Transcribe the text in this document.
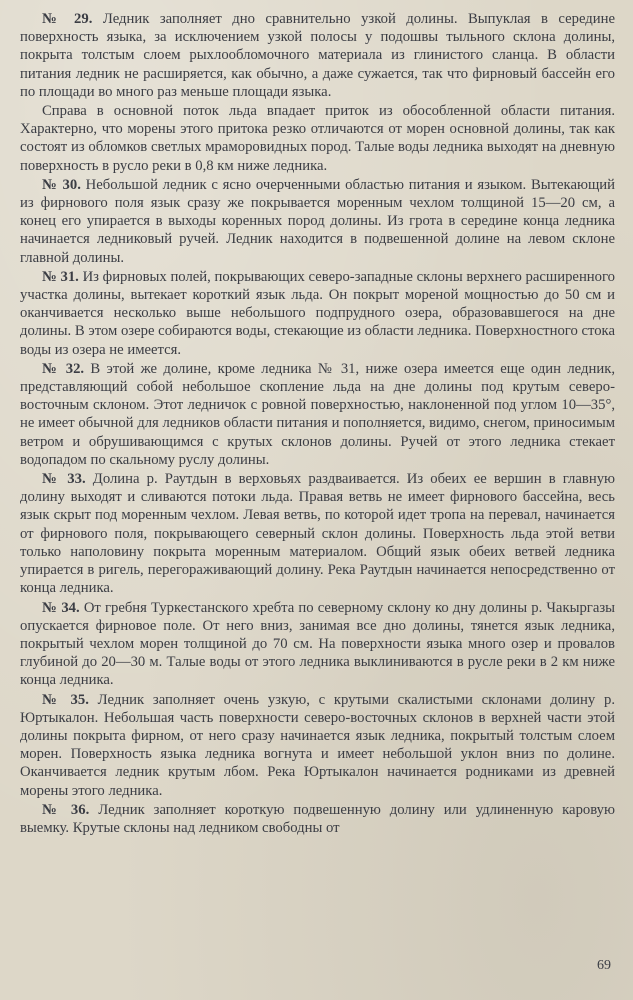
№ 29. Ледник заполняет дно сравнительно узкой долины. Выпуклая в середине поверхность языка, за исключением узкой полосы у подошвы тыльного склона долины, покрыта толстым слоем рыхлообломочного материала из глинистого сланца. В области питания ледник не расширяется, как обычно, а даже сужается, так что фирновый бассейн его по площади во много раз меньше площади языка.

Справа в основной поток льда впадает приток из обособленной области питания. Характерно, что морены этого притока резко отличаются от морен основной долины, так как состоят из обломков светлых мраморовидных пород. Талые воды ледника выходят на дневную поверхность в русло реки в 0,8 км ниже ледника.

№ 30. Небольшой ледник с ясно очерченными областью питания и языком. Вытекающий из фирнового поля язык сразу же покрывается моренным чехлом толщиной 15—20 см, а конец его упирается в выходы коренных пород долины. Из грота в середине конца ледника начинается ледниковый ручей. Ледник находится в подвешенной долине на левом склоне главной долины.

№ 31. Из фирновых полей, покрывающих северо-западные склоны верхнего расширенного участка долины, вытекает короткий язык льда. Он покрыт мореной мощностью до 50 см и оканчивается несколько выше небольшого подпрудного озера, образовавшегося на дне долины. В этом озере собираются воды, стекающие из области ледника. Поверхностного стока воды из озера не имеется.

№ 32. В этой же долине, кроме ледника № 31, ниже озера имеется еще один ледник, представляющий собой небольшое скопление льда на дне долины под крутым северо-восточным склоном. Этот ледничок с ровной поверхностью, наклоненной под углом 10—35°, не имеет обычной для ледников области питания и пополняется, видимо, снегом, приносимым ветром и обрушивающимся с крутых склонов долины. Ручей от этого ледника стекает водопадом по скальному руслу долины.

№ 33. Долина р. Раутдын в верховьях раздваивается. Из обеих ее вершин в главную долину выходят и сливаются потоки льда. Правая ветвь не имеет фирнового бассейна, весь язык скрыт под моренным чехлом. Левая ветвь, по которой идет тропа на перевал, начинается от фирнового поля, покрывающего северный склон долины. Поверхность льда этой ветви только наполовину покрыта моренным материалом. Общий язык обеих ветвей ледника упирается в ригель, перегораживающий долину. Река Раутдын начинается непосредственно от конца ледника.

№ 34. От гребня Туркестанского хребта по северному склону ко дну долины р. Чакыргазы опускается фирновое поле. От него вниз, занимая все дно долины, тянется язык ледника, покрытый чехлом морен толщиной до 70 см. На поверхности языка много озер и провалов глубиной до 20—30 м. Талые воды от этого ледника выклиниваются в русле реки в 2 км ниже конца ледника.

№ 35. Ледник заполняет очень узкую, с крутыми скалистыми склонами долину р. Юртыкалон. Небольшая часть поверхности северо-восточных склонов в верхней части этой долины покрыта фирном, от него сразу начинается язык ледника, покрытый толстым слоем морен. Поверхность языка ледника вогнута и имеет небольшой уклон вниз по долине. Оканчивается ледник крутым лбом. Река Юртыкалон начинается родниками из древней морены этого ледника.

№ 36. Ледник заполняет короткую подвешенную долину или удлиненную каровую выемку. Крутые склоны над ледником свободны от

69
